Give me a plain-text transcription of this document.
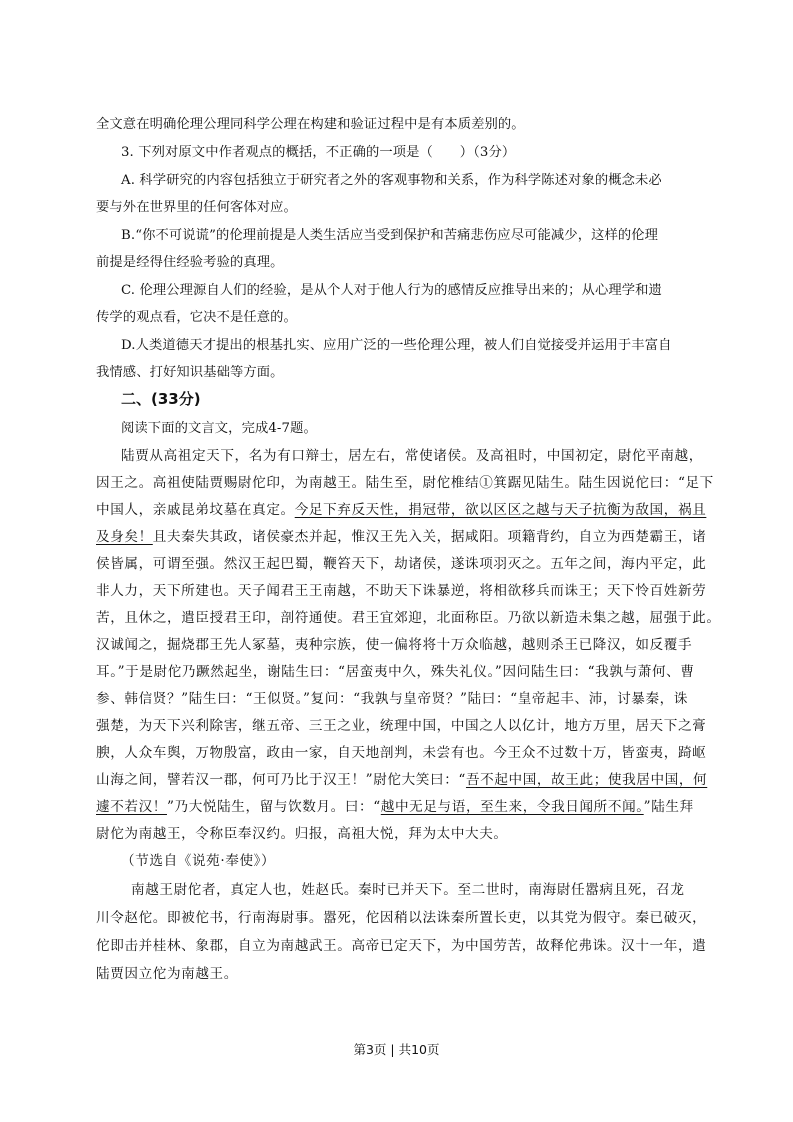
全文意在明确伦理公理同科学公理在构建和验证过程中是有本质差别的。
3. 下列对原文中作者观点的概括，不正确的一项是（　　）（3分）
A. 科学研究的内容包括独立于研究者之外的客观事物和关系，作为科学陈述对象的概念未必
要与外在世界里的任何客体对应。
B.“你不可说谎”的伦理前提是人类生活应当受到保护和苦痛悲伤应尽可能减少，这样的伦理
前提是经得住经验考验的真理。
C. 伦理公理源自人们的经验，是从个人对于他人行为的感情反应推导出来的；从心理学和遗
传学的观点看，它决不是任意的。
D.人类道德天才提出的根基扎实、应用广泛的一些伦理公理，被人们自觉接受并运用于丰富自
我情感、打好知识基础等方面。
二、(33分)
阅读下面的文言文，完成4-7题。
陆贾从高祖定天下，名为有口辩士，居左右，常使诸侯。及高祖时，中国初定，尉佗平南越，
因王之。高祖使陆贾赐尉佗印，为南越王。陆生至，尉佗椎结①箕踞见陆生。陆生因说佗曰：“足下
中国人，亲戚昆弟坟墓在真定。今足下弃反天性，捐冠带，欲以区区之越与天子抗衡为敌国，祸且
及身矣！且夫秦失其政，诸侯豪杰并起，惟汉王先入关，据咸阳。项籍背约，自立为西楚霸王，诸
侯皆属，可谓至强。然汉王起巴蜀，鞭笞天下，劫诸侯，遂诛项羽灭之。五年之间，海内平定，此
非人力，天下所建也。天子闻君王王南越，不助天下诛暴逆，将相欲移兵而诛王；天下怜百姓新劳
苦，且休之，遣臣授君王印，剖符通使。君王宜郊迎，北面称臣。乃欲以新造未集之越，屈强于此。
汉诚闻之，掘烧郡王先人冢墓，夷种宗族，使一偏将将十万众临越，越则杀王已降汉，如反覆手
耳。”于是尉佗乃蹶然起坐，谢陆生曰：“居蛮夷中久，殊失礼仪。”因问陆生曰：“我孰与萧何、曹
参、韩信贤？”陆生曰：“王似贤。”复问：“我孰与皇帝贤？”陆曰：“皇帝起丰、沛，讨暴秦，诛
强楚，为天下兴利除害，继五帝、三王之业，统理中国，中国之人以亿计，地方万里，居天下之膏
腴，人众车舆，万物殷富，政由一家，自天地剖判，未尝有也。今王众不过数十万，皆蛮夷，踦岖
山海之间，譬若汉一郡，何可乃比于汉王！”尉佗大笑曰：“吾不起中国，故王此；使我居中国，何
遽不若汉！”乃大悦陆生，留与饮数月。曰：“越中无足与语，至生来，令我日闻所不闻。”陆生拜
尉佗为南越王，令称臣奉汉约。归报，高祖大悦，拜为太中大夫。
（节选自《说苑·奉使》）
南越王尉佗者，真定人也，姓赵氏。秦时已并天下。至二世时，南海尉任嚣病且死，召龙
川令赵佗。即被佗书，行南海尉事。嚣死，佗因稍以法诛秦所置长吏，以其党为假守。秦已破灭，
佗即击并桂林、象郡，自立为南越武王。高帝已定天下，为中国劳苦，故释佗弗诛。汉十一年，遣
陆贾因立佗为南越王。
第3页 | 共10页
